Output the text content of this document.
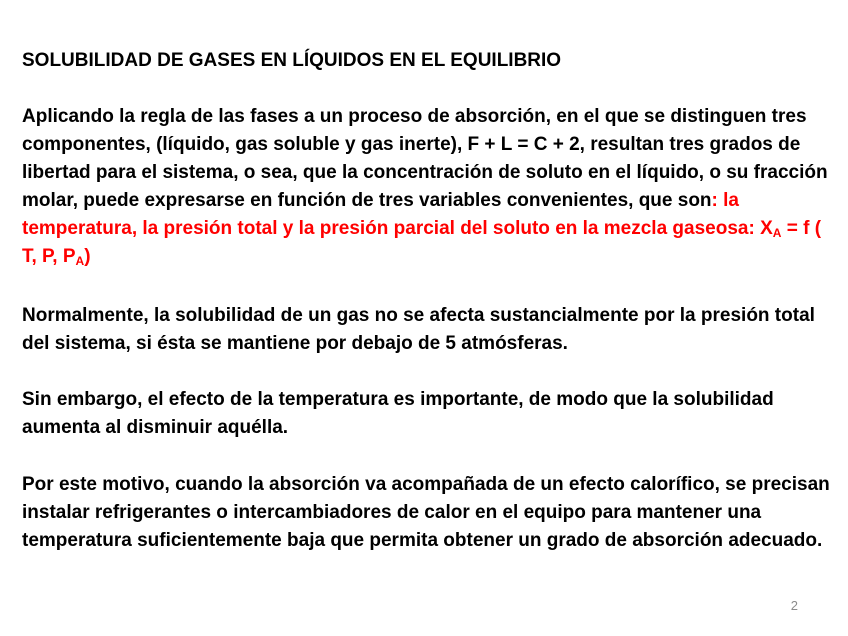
SOLUBILIDAD DE GASES EN LÍQUIDOS EN EL EQUILIBRIO

Aplicando la regla de las fases a un proceso de absorción, en el que se distinguen tres componentes, (líquido, gas soluble y gas inerte), F + L = C + 2, resultan tres grados de libertad para el sistema, o sea, que la concentración de soluto en el líquido, o su fracción molar, puede expresarse en función de tres variables convenientes, que son: la temperatura, la presión total y la presión parcial del soluto en la mezcla gaseosa: $X_A = f$ ( T, P, $P_A$)

Normalmente, la solubilidad de un gas no se afecta sustancialmente por la presión total del sistema, si ésta se mantiene por debajo de 5 atmósferas.

Sin embargo, el efecto de la temperatura es importante, de modo que la solubilidad aumenta al disminuir aquélla.

Por este motivo, cuando la absorción va acompañada de un efecto calorífico, se precisan instalar refrigerantes o intercambiadores de calor en el equipo para mantener una temperatura suficientemente baja que permita obtener un grado de absorción adecuado.

2
